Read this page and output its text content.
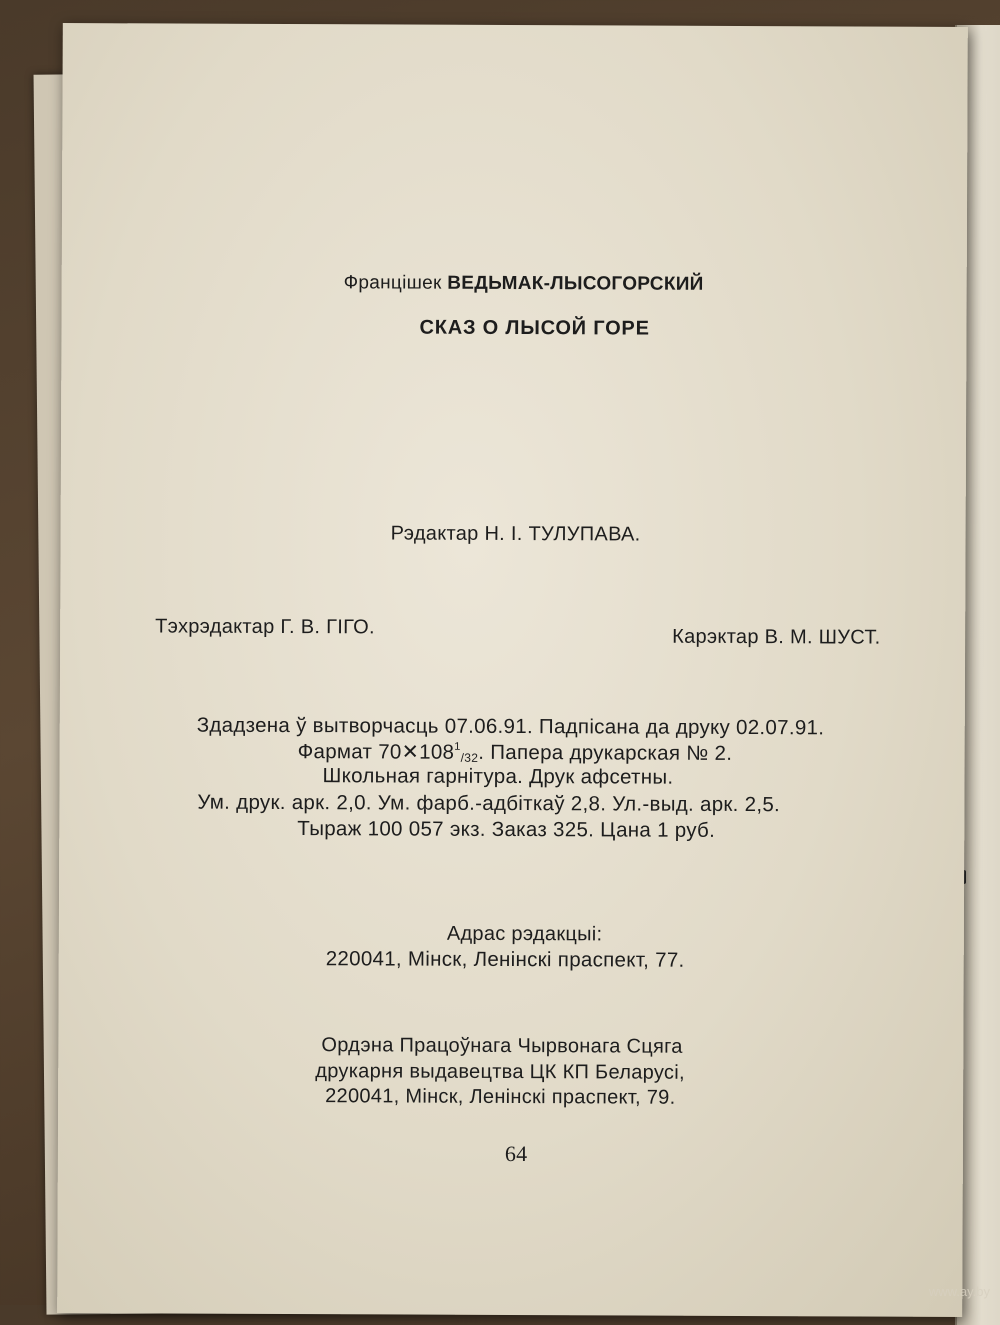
Францішек ВЕДЬМАК-ЛЫСОГОРСКИЙ
СКАЗ О ЛЫСОЙ ГОРЕ
Рэдактар Н. І. ТУЛУПАВА.
Тэхрэдактар Г. В. ГІГО.	Карэктар В. М. ШУСТ.
Здадзена ў вытворчасць 07.06.91. Падпісана да друку 02.07.91.
Фармат $70✕108^1_{/32}$. Папера друкарская № 2.
Школьная гарнітура. Друк афсетны.
Ум. друк. арк. 2,0. Ум. фарб.-адбіткаў 2,8. Ул.-выд. арк. 2,5.
Тыраж 100 057 экз. Заказ 325. Цана 1 руб.
Адрас рэдакцыі:
220041, Мінск, Ленінскі праспект, 77.
Ордэна Працоўнага Чырвонага Сцяга
друкарня выдавецтва ЦК КП Беларусі,
220041, Мінск, Ленінскі праспект, 79.
64
www.ay.by
